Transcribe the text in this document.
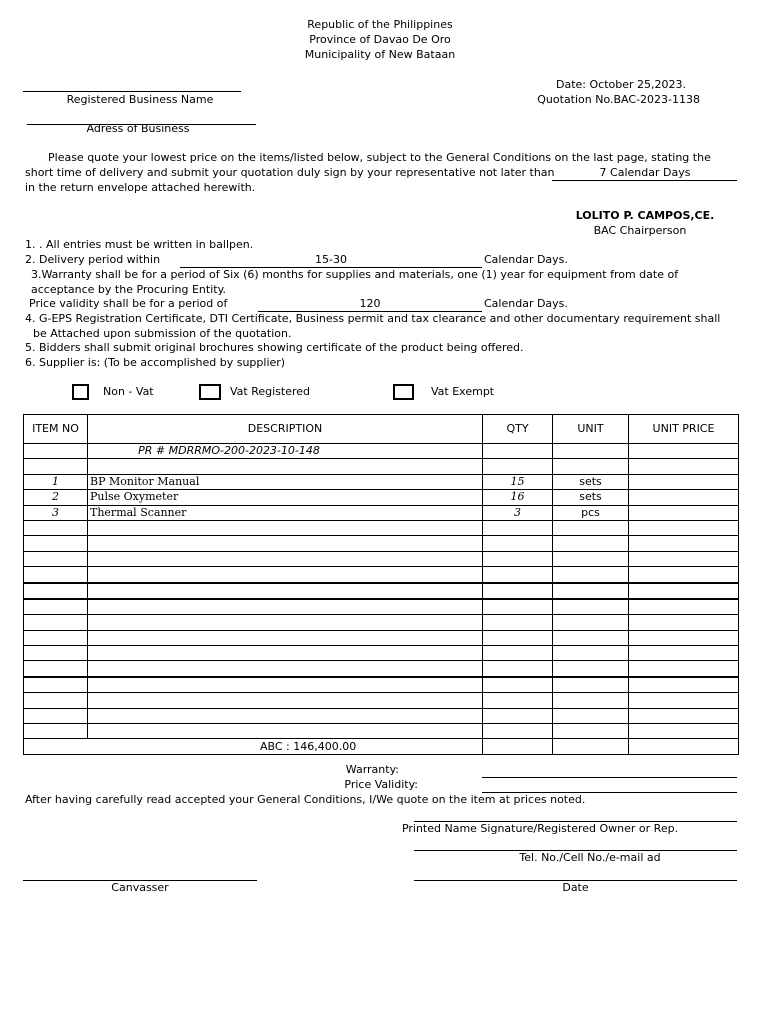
Republic of the Philippines
Province of Davao De Oro
Municipality of New Bataan
Date: October 25,2023.
Quotation No.BAC-2023-1138
Registered Business Name
Adress of Business
Please quote your lowest price on the items/listed below, subject to the General Conditions on the last page, stating the
short time of delivery and submit your quotation duly sign by your representative not later than	7 Calendar Days
in the return envelope attached herewith.
LOLITO P. CAMPOS,CE.
BAC Chairperson
1. . All entries must be written in ballpen.
2. Delivery period within	15-30	Calendar Days.
3.Warranty shall be for a period of Six (6) months for supplies and materials, one (1) year for equipment from date of
acceptance by the Procuring Entity.
Price validity shall be for a period of	120	Calendar Days.
4. G-EPS Registration Certificate, DTI Certificate, Business permit and tax clearance and other documentary requirement shall
be Attached upon submission of the quotation.
5. Bidders shall submit original brochures showing certificate of the product being offered.
6. Supplier is: (To be accomplished by supplier)
Non - Vat	Vat Registered	Vat Exempt
ITEM NO	DESCRIPTION	QTY	UNIT	UNIT PRICE
	PR # MDRRMO-200-2023-10-148			

1	BP Monitor Manual	15	sets	
2	Pulse Oxymeter	16	sets	
3	Thermal Scanner	3	pcs	

ABC : 146,400.00				
Warranty:
Price Validity:
After having carefully read accepted your General Conditions, I/We quote on the item at prices noted.
Printed Name Signature/Registered Owner or Rep.
Tel. No./Cell No./e-mail ad
Canvasser	Date
